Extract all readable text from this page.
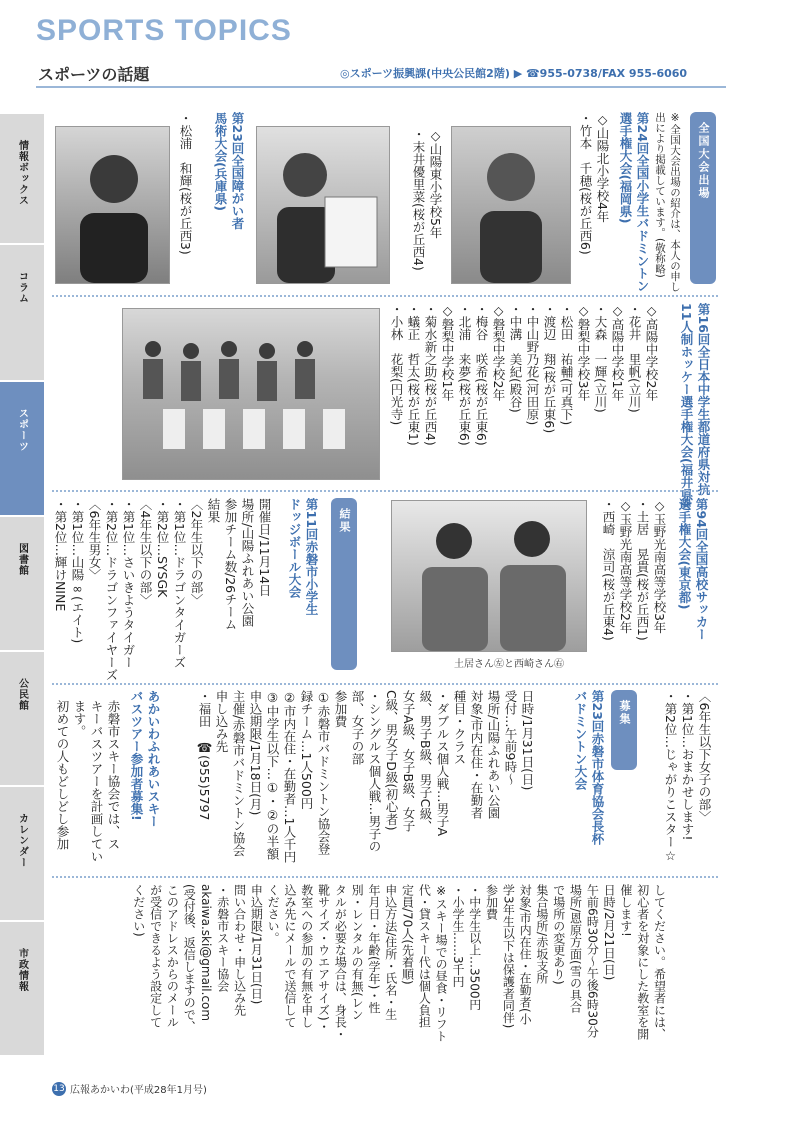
SPORTS TOPICS
スポーツの話題	◎スポーツ振興課(中央公民館2階) ▶ ☎955-0738/FAX 955-6060
情報ボックス
コラム
スポーツ
図書館
公民館
カレンダー
市政情報
全国大会出場
※全国大会出場の紹介は、本人の申し
出により掲載しています。(敬称略)
第24回全国小学生バドミントン
選手権大会(福岡県)
◇山陽北小学校4年
・竹本　千穂(桜が丘西6)
◇山陽東小学校5年
・末井優里菜(桜が丘西4)
第23回全国障がい者
馬術大会(兵庫県)
・松浦　和輝(桜が丘西3)
第16回全日本中学生都道府県対抗
11人制ホッケー選手権大会(福井県)
◇高陽中学校2年
・花井　里帆(立川)
◇高陽中学校1年
・大森　一輝(立川)
◇磐梨中学校3年
・松田　祐輔(可真下)
・渡辺　翔(桜が丘東6)
・中山野乃花(河田原)
・中溝　美紀(殿谷)
◇磐梨中学校2年
・梅谷　咲希(桜が丘東6)
・北浦　来夢(桜が丘東6)
◇磐梨中学校1年
・菊水新之助(桜が丘西4)
・蟻正　哲太(桜が丘東1)
・小林　花梨(円光寺)
第94回全国高校サッカー
選手権大会(東京都)
◇玉野光南高等学校3年
・土居　晃貴(桜が丘西1)
◇玉野光南高等学校2年
・西崎　涼司(桜が丘東4)
土居さん㊧と西崎さん㊨
結果
第11回赤磐市小学生
ドッジボール大会
開催日/11月14日
場所/山陽ふれあい公園
参加チーム数/26チーム
結果
〈2年生以下の部〉
・第1位…ドラゴンタイガーズ
・第2位…SYSGK
〈4年生以下の部〉
・第1位…さいきようタイガー
・第2位…ドラゴンファイヤーズ
〈6年生男女〉
・第1位…山陽∞(エイト)
・第2位…輝けNINE
〈6年生以下女子の部〉
・第1位…おまかせします!
・第2位…じゃがりこスター☆
募集
第23回赤磐市体育協会長杯
バドミントン大会
日時/1月31日(日)
受付…午前9時〜
場所/山陽ふれあい公園
対象/市内在住・在勤者
種目・クラス
・ダブルス個人戦…男子A
級、男子B級、男子C級、
女子A級、女子B級、女子
C級、男女子D級(初心者)
・シングルス個人戦…男子の
部、女子の部
参加費
①赤磐市バドミントン協会登
録チーム…1人500円
②市内在住・在勤者…1人千円
③中学生以下…①・②の半額
申込期限/1月18日(月)
主催/赤磐市バドミントン協会
申し込み先
・福田　☎(955)5797
あかいわふれあいスキー
バスツアー参加者募集!
赤磐市スキー協会では、ス
キーバスツアーを計画してい
ます。
初めての人もどしどし参加
してください。希望者には、
初心者を対象にした教室を開
催します!
日時/2月21日(日)
午前6時30分〜午後6時30分
場所/恩原方面(雪の具合
で場所の変更あり)
集合場所/赤坂支所
対象/市内在住・在勤者(小
学3年生以下は保護者同伴)
参加費
・中学生以上…3500円
・小学生……3千円
※スキー場での昼食・リフト
代・貸スキー代は個人負担
定員/70人(先着順)
申込方法/住所・氏名・生
年月日・年齢(学年)・性
別・レンタルの有無(レン
タルが必要な場合は、身長・
靴サイズ・ウエアサイズ)・
教室への参加の有無を申し
込み先にメールで送信して
ください。
申込期限/1月31日(日)
問い合わせ・申し込み先
・赤磐市スキー協会
akaiwa.ski@gmail.com
(受付後、返信しますので、
このアドレスからのメール
が受信できるよう設定して
ください)
13 広報あかいわ(平成28年1月号)
